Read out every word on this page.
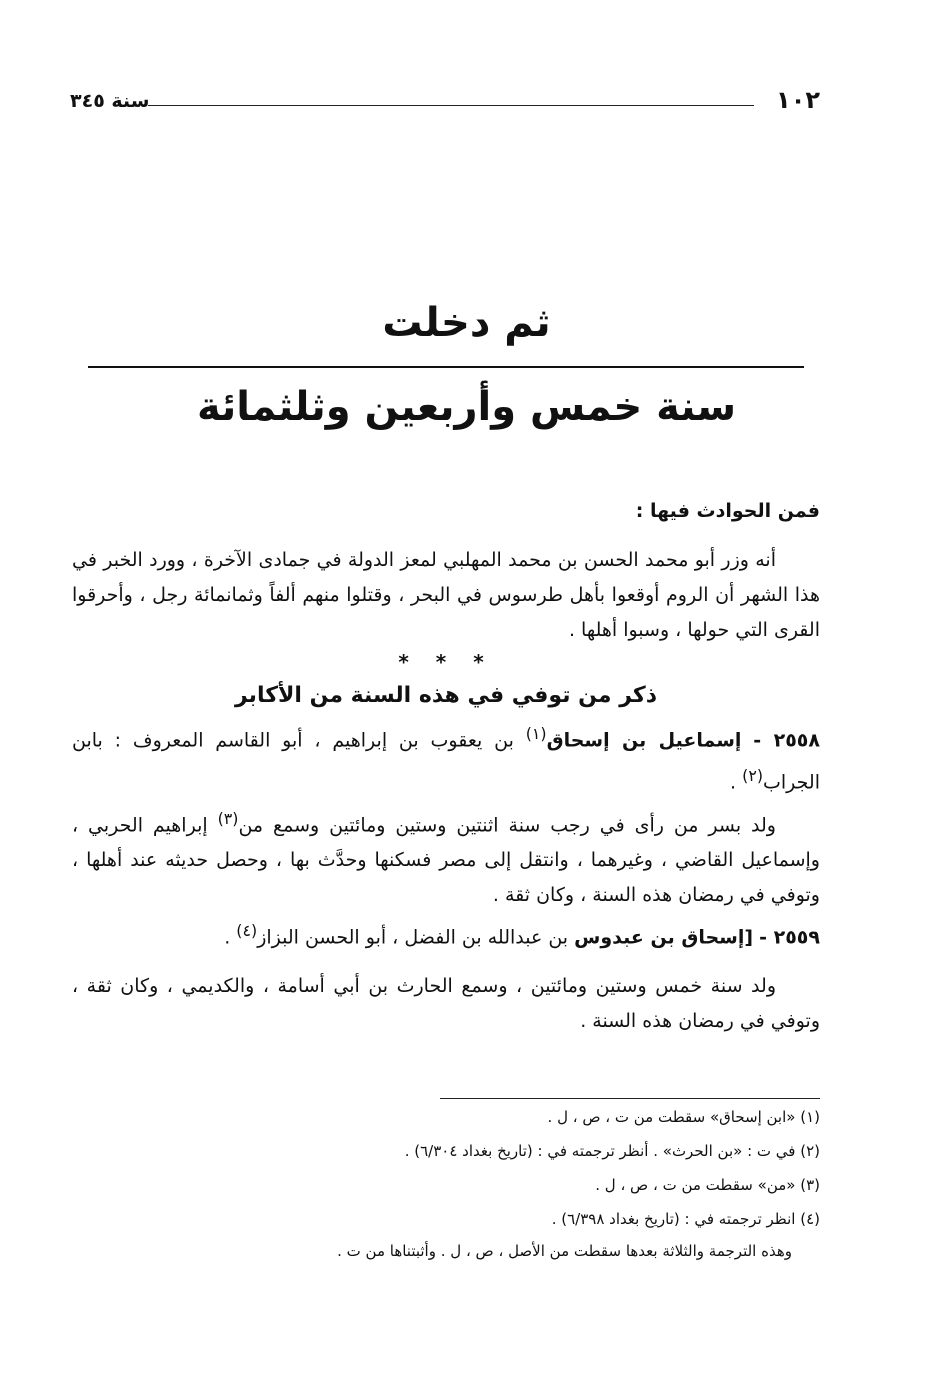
١٠٢
سنة ٣٤٥
ثم دخلت
سنة خمس وأربعين وثلثمائة

فمن الحوادث فيها :

أنه وزر أبو محمد الحسن بن محمد المهلبي لمعز الدولة في جمادى الآخرة ، وورد الخبر في هذا الشهر أن الروم أوقعوا بأهل طرسوس في البحر ، وقتلوا منهم ألفاً وثمانمائة رجل ، وأحرقوا القرى التي حولها ، وسبوا أهلها .

* * *

ذكر من توفي في هذه السنة من الأكابر

٢٥٥٨ - إسماعيل بن إسحاق$^{(١)}$ بن يعقوب بن إبراهيم ، أبو القاسم المعروف : بابن الجراب$^{(٢)}$ .

ولد بسر من رأى في رجب سنة اثنتين وستين ومائتين وسمع من$^{(٣)}$ إبراهيم الحربي ، وإسماعيل القاضي ، وغيرهما ، وانتقل إلى مصر فسكنها وحدَّث بها ، وحصل حديثه عند أهلها ، وتوفي في رمضان هذه السنة ، وكان ثقة .

٢٥٥٩ - [إسحاق بن عبدوس بن عبدالله بن الفضل ، أبو الحسن البزاز$^{(٤)}$ .

ولد سنة خمس وستين ومائتين ، وسمع الحارث بن أبي أسامة ، والكديمي ، وكان ثقة ، وتوفي في رمضان هذه السنة .

(١) «ابن إسحاق» سقطت من ت ، ص ، ل .

(٢) في ت : «بن الحرث» . أنظر ترجمته في : (تاريخ بغداد ٦/٣٠٤) .

(٣) «من» سقطت من ت ، ص ، ل .

(٤) انظر ترجمته في : (تاريخ بغداد ٦/٣٩٨) .

وهذه الترجمة والثلاثة بعدها سقطت من الأصل ، ص ، ل . وأثبتناها من ت .
